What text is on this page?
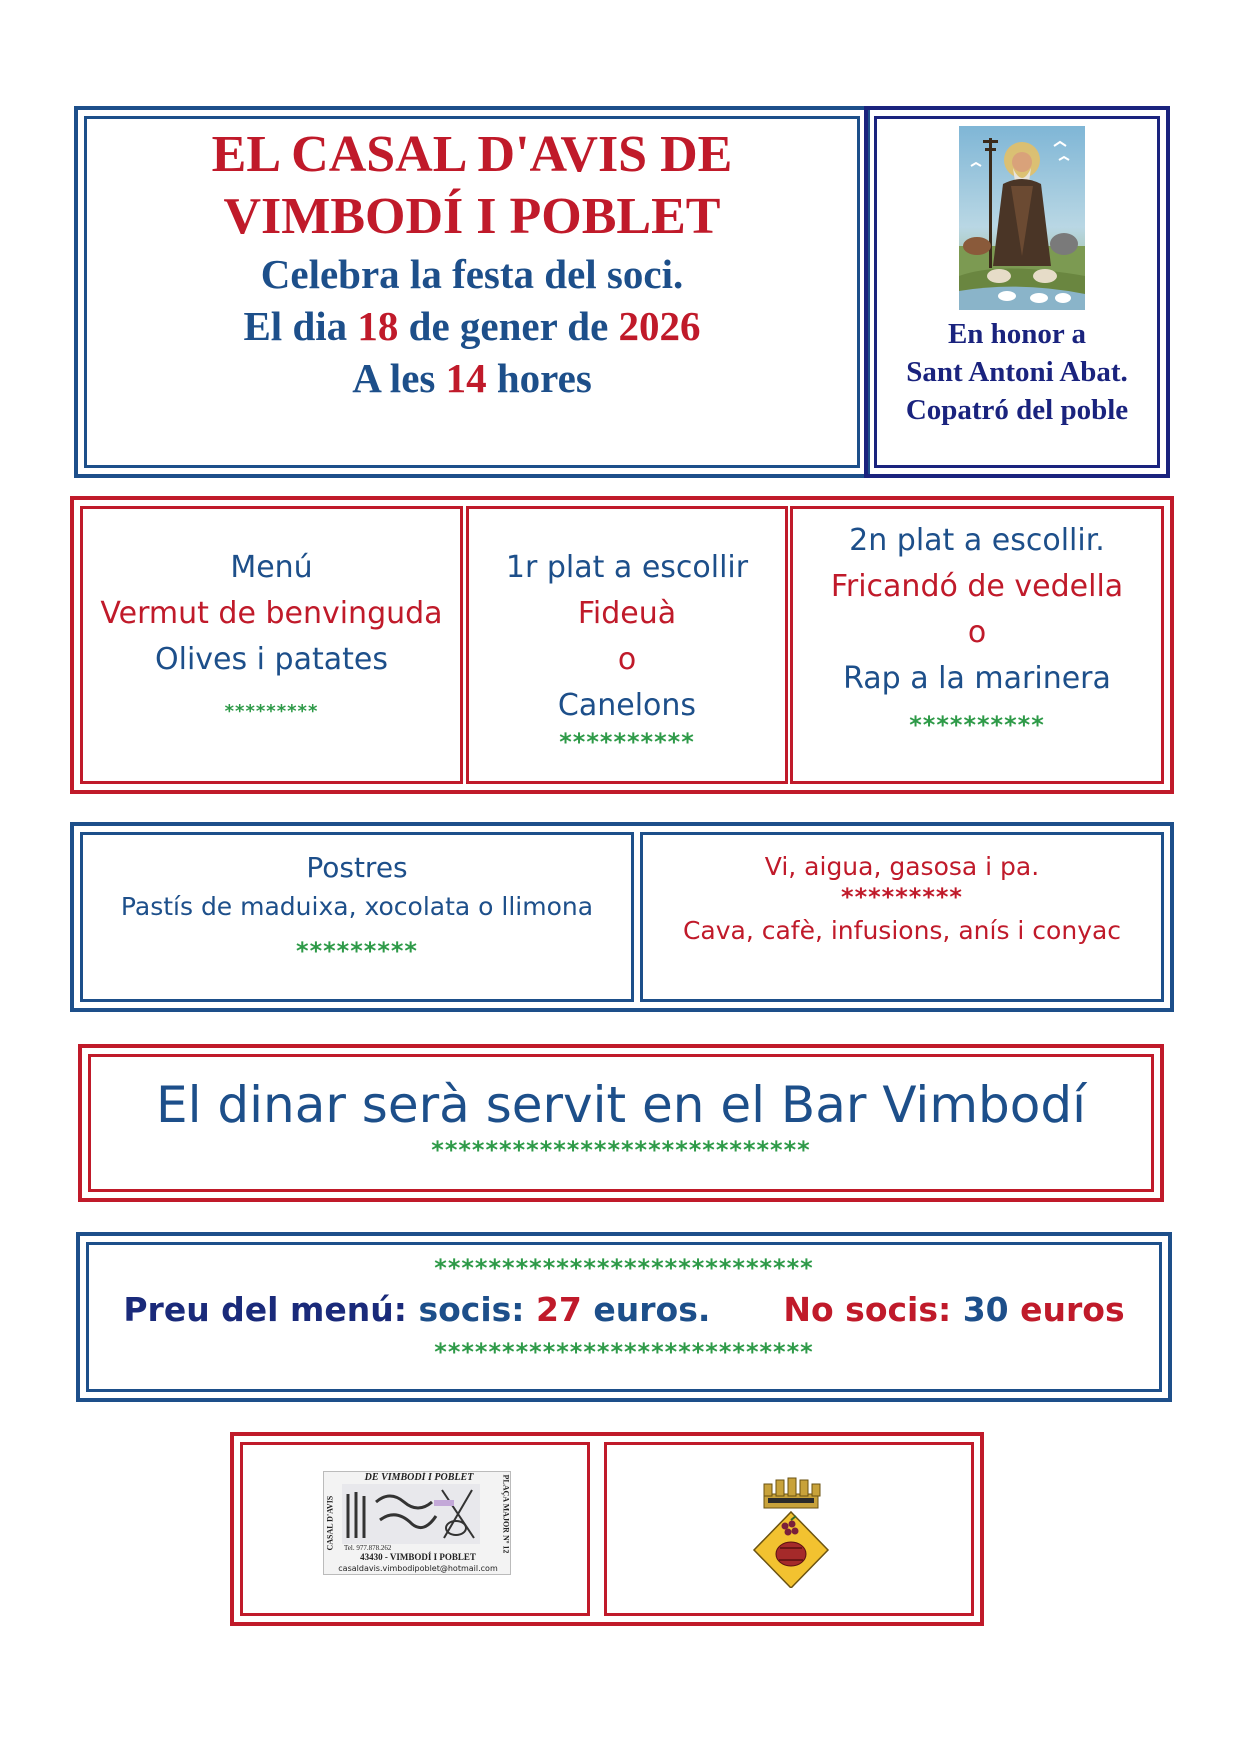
EL CASAL D'AVIS DE
VIMBODÍ I POBLET
Celebra la festa del soci.
El dia 18 de gener de 2026
A les 14 hores
En honor a
Sant Antoni Abat.
Copatró del poble
Menú
Vermut de benvinguda
Olives i patates
*********
1r plat a escollir
Fideuà
o
Canelons
**********
2n plat a escollir.
Fricandó de vedella
o
Rap a la marinera
**********
Postres
Pastís de maduixa, xocolata o llimona
*********
Vi, aigua, gasosa i pa.
*********
Cava, cafè, infusions, anís i conyac
El dinar serà servit en el Bar Vimbodí
****************************
****************************
Preu del menú: socis: 27 euros. No socis: 30 euros
****************************
DE VIMBODÍ I POBLET
CASAL D'AVIS	PLAÇA MAJOR Nº 12
Tel. 977.878.262
43430 - VIMBODÍ I POBLET
casaldavis.vimbodipoblet@hotmail.com
